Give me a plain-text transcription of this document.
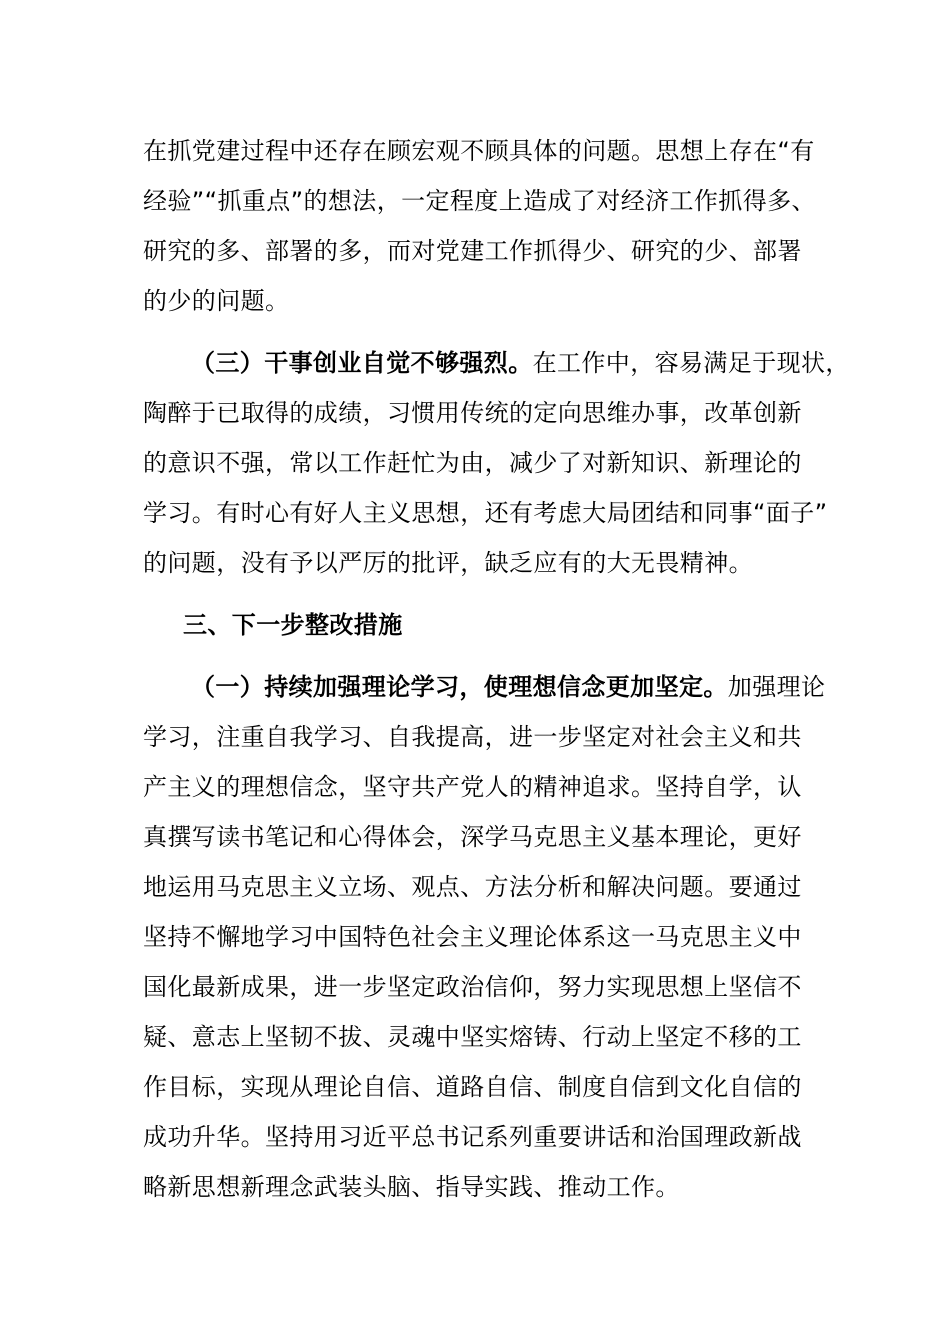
在抓党建过程中还存在顾宏观不顾具体的问题。思想上存在“有
经验”“抓重点”的想法，一定程度上造成了对经济工作抓得多、
研究的多、部署的多，而对党建工作抓得少、研究的少、部署
的少的问题。
（三）干事创业自觉不够强烈。在工作中，容易满足于现状，
陶醉于已取得的成绩，习惯用传统的定向思维办事，改革创新
的意识不强，常以工作赶忙为由，减少了对新知识、新理论的
学习。有时心有好人主义思想，还有考虑大局团结和同事“面子”
的问题，没有予以严厉的批评，缺乏应有的大无畏精神。
三、下一步整改措施
（一）持续加强理论学习，使理想信念更加坚定。加强理论
学习，注重自我学习、自我提高，进一步坚定对社会主义和共
产主义的理想信念，坚守共产党人的精神追求。坚持自学，认
真撰写读书笔记和心得体会，深学马克思主义基本理论，更好
地运用马克思主义立场、观点、方法分析和解决问题。要通过
坚持不懈地学习中国特色社会主义理论体系这一马克思主义中
国化最新成果，进一步坚定政治信仰，努力实现思想上坚信不
疑、意志上坚韧不拔、灵魂中坚实熔铸、行动上坚定不移的工
作目标，实现从理论自信、道路自信、制度自信到文化自信的
成功升华。坚持用习近平总书记系列重要讲话和治国理政新战
略新思想新理念武装头脑、指导实践、推动工作。
